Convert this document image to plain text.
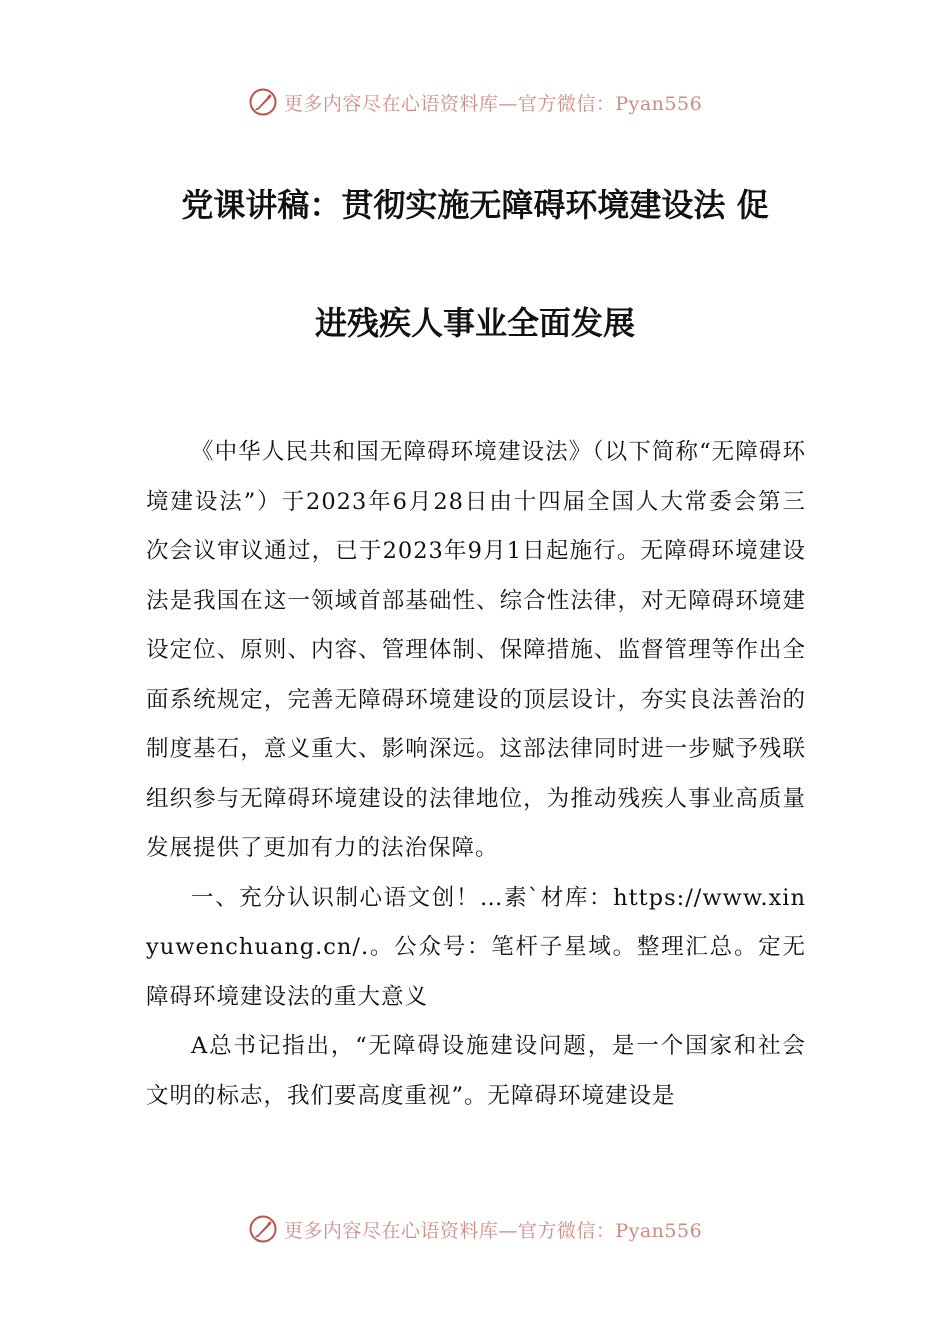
更多内容尽在心语资料库—官方微信：Pyan556
党课讲稿：贯彻实施无障碍环境建设法 促
进残疾人事业全面发展

《中华人民共和国无障碍环境建设法》（以下简称“无障碍环境建设法”）于2023年6月28日由十四届全国人大常委会第三次会议审议通过，已于2023年9月1日起施行。无障碍环境建设法是我国在这一领域首部基础性、综合性法律，对无障碍环境建设定位、原则、内容、管理体制、保障措施、监督管理等作出全面系统规定，完善无障碍环境建设的顶层设计，夯实良法善治的制度基石，意义重大、影响深远。这部法律同时进一步赋予残联组织参与无障碍环境建设的法律地位，为推动残疾人事业高质量发展提供了更加有力的法治保障。

一、充分认识制心语文创！…素`材库：https://www.xinyuwenchuang.cn/.。公众号：笔杆子星域。整理汇总。定无障碍环境建设法的重大意义

A总书记指出，“无障碍设施建设问题，是一个国家和社会文明的标志，我们要高度重视”。无障碍环境建设是

更多内容尽在心语资料库—官方微信：Pyan556
